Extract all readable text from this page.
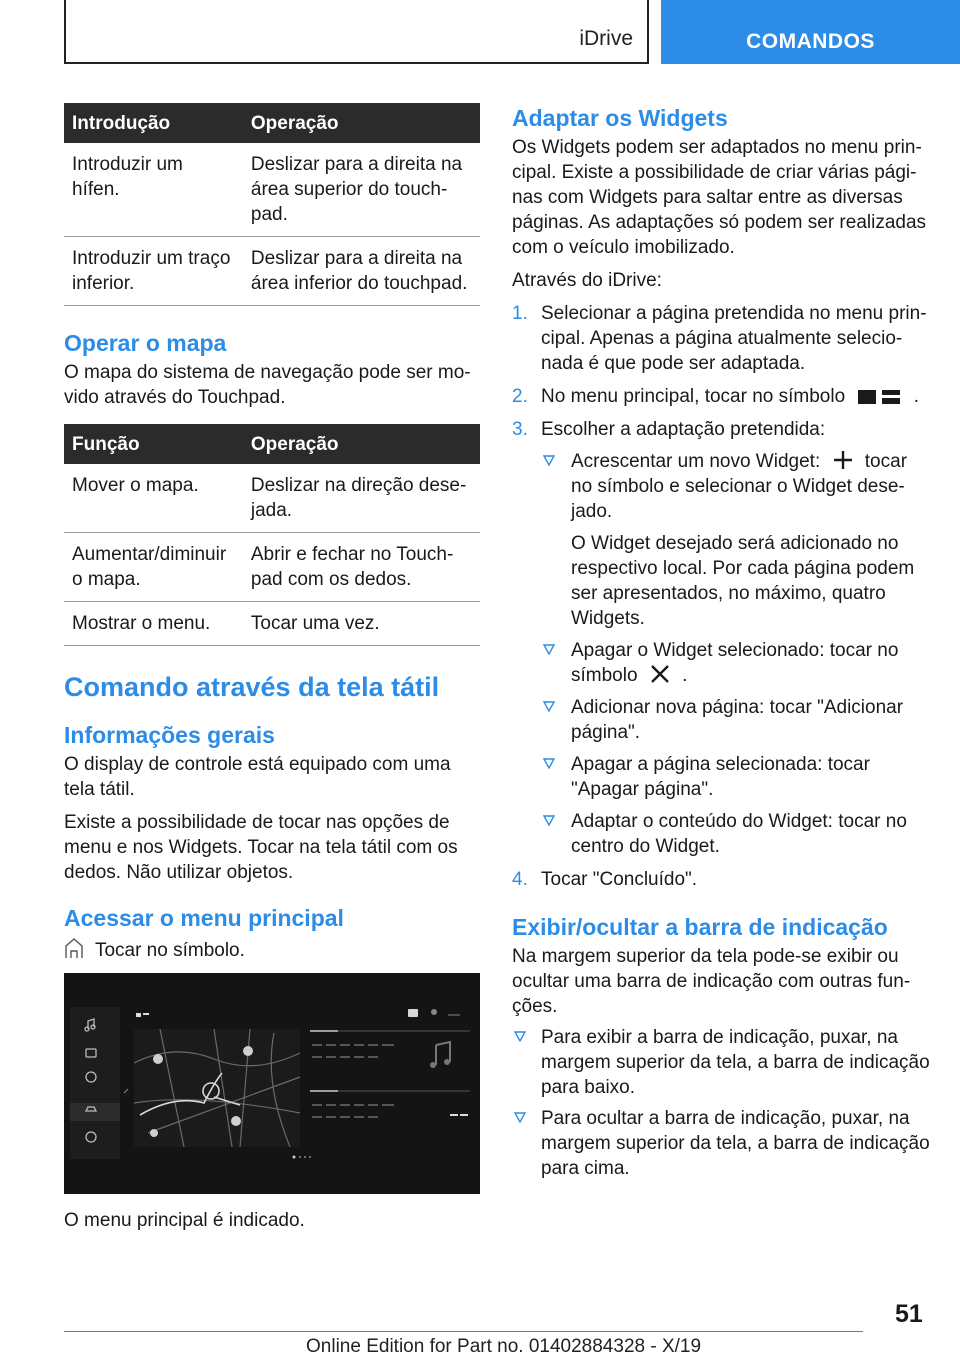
iDrive	COMANDOS
Introdução	Operação
Introduzir um hífen.	Deslizar para a direita na área superior do touch-pad.
Introduzir um traço inferior.	Deslizar para a direita na área inferior do touchpad.
Operar o mapa

O mapa do sistema de navegação pode ser mo-vido através do Touchpad.

Função	Operação
Mover o mapa.	Deslizar na direção dese-jada.
Aumentar/diminuir o mapa.	Abrir e fechar no Touch-pad com os dedos.
Mostrar o menu.	Tocar uma vez.
Comando através da tela tátil
Informações gerais

O display de controle está equipado com uma tela tátil.

Existe a possibilidade de tocar nas opções de menu e nos Widgets. Tocar na tela tátil com os dedos. Não utilizar objetos.

Acessar o menu principal

Tocar no símbolo.

O menu principal é indicado.

Adaptar os Widgets

Os Widgets podem ser adaptados no menu prin-cipal. Existe a possibilidade de criar várias pági-nas com Widgets para saltar entre as diversas páginas. As adaptações só podem ser realizadas com o veículo imobilizado.

Através do iDrive:

1. Selecionar a página pretendida no menu prin-cipal. Apenas a página atualmente selecio-nada é que pode ser adaptada.
2. No menu principal, tocar no símbolo	.
3. Escolher a adaptação pretendida:
Acrescentar um novo Widget: tocar no símbolo e selecionar o Widget dese-jado.
O Widget desejado será adicionado no respectivo local. Por cada página podem ser apresentados, no máximo, quatro Widgets.
Apagar o Widget selecionado: tocar no símbolo .
Adicionar nova página: tocar "Adicionar página".
Apagar a página selecionada: tocar "Apagar página".
Adaptar o conteúdo do Widget: tocar no centro do Widget.
4. Tocar "Concluído".
Exibir/ocultar a barra de indicação

Na margem superior da tela pode-se exibir ou ocultar uma barra de indicação com outras fun-ções.

Para exibir a barra de indicação, puxar, na margem superior da tela, a barra de indicação para baixo.
Para ocultar a barra de indicação, puxar, na margem superior da tela, a barra de indicação para cima.
51
Online Edition for Part no. 01402884328 - X/19
